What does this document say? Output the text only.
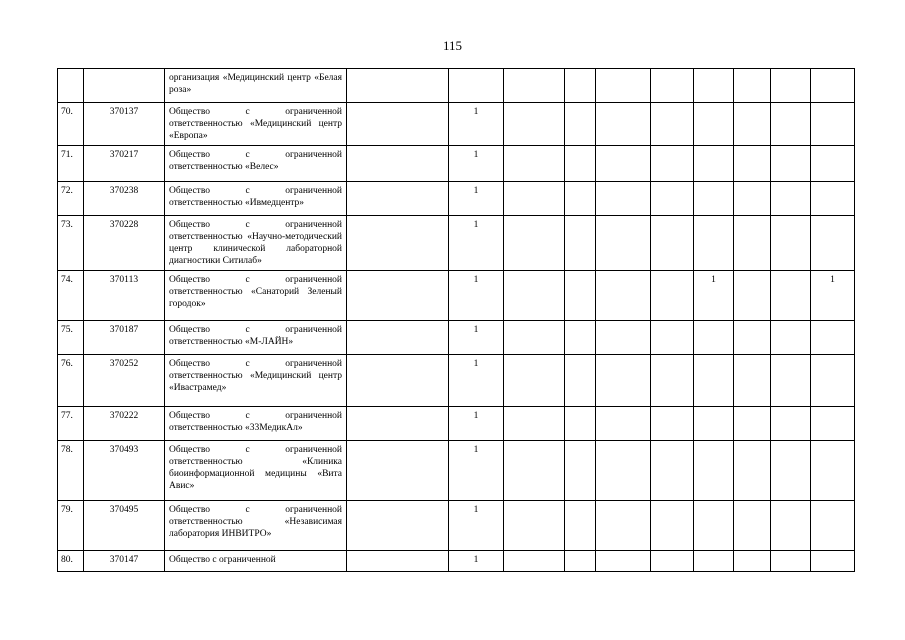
115
		организация «Медицинский центр «Белая роза»										
70.	370137	Общество с ограниченной ответственностью «Медицинский центр «Европа»		1								
71.	370217	Общество с ограниченной ответственностью «Велес»		1								
72.	370238	Общество с ограниченной ответственностью «Ивмедцентр»		1								
73.	370228	Общество с ограниченной ответственностью «Научно-методический центр клинической лабораторной диагностики Ситилаб»		1								
74.	370113	Общество с ограниченной ответственностью «Санаторий Зеленый городок»		1					1			1
75.	370187	Общество с ограниченной ответственностью «М-ЛАЙН»		1								
76.	370252	Общество с ограниченной ответственностью «Медицинский центр «Ивастрамед»		1								
77.	370222	Общество с ограниченной ответственностью «33МедикАл»		1								
78.	370493	Общество с ограниченной ответственностью «Клиника биоинформационной медицины «Вита Авис»		1								
79.	370495	Общество с ограниченной ответственностью «Независимая лаборатория ИНВИТРО»		1								
80.	370147	Общество с ограниченной		1								
